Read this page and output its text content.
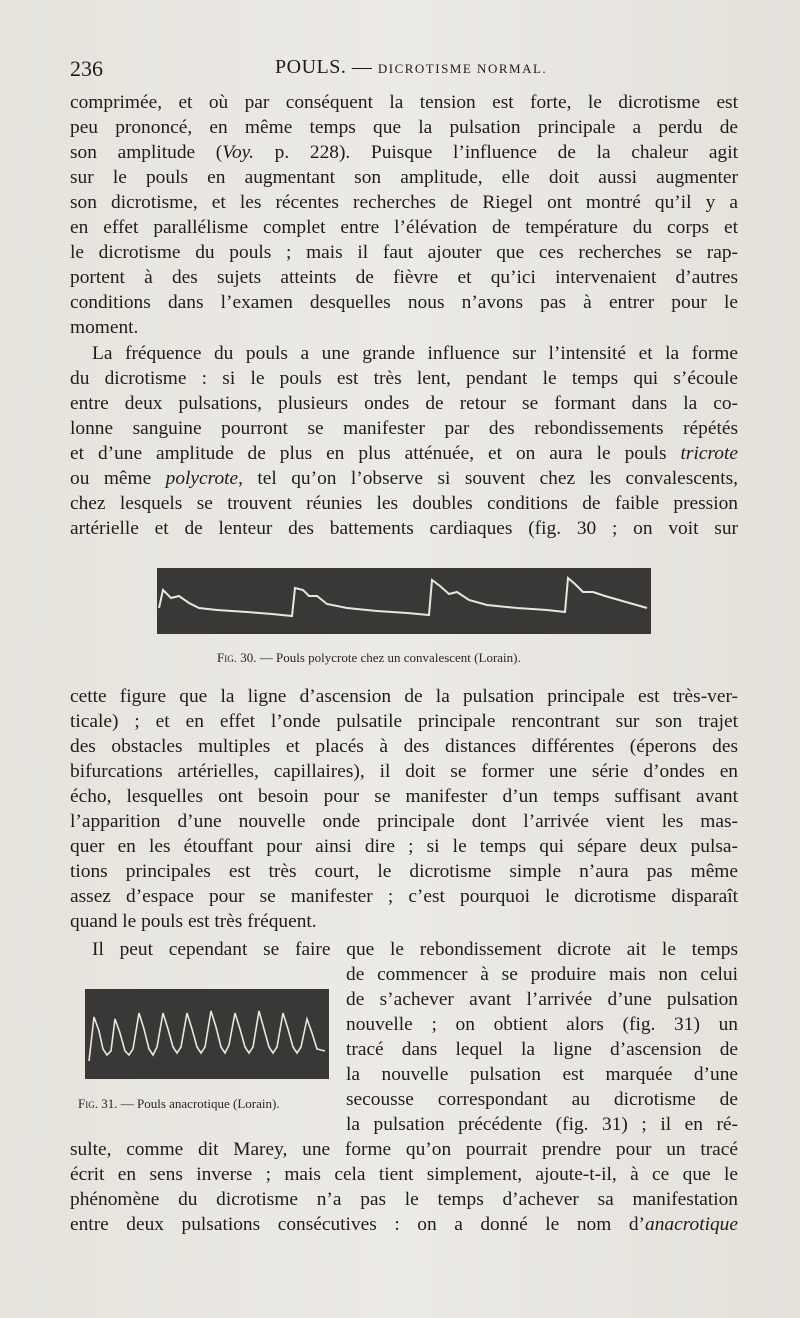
236	POULS. — DICROTISME NORMAL.
comprimée, et où par conséquent la tension est forte, le dicrotisme est
peu prononcé, en même temps que la pulsation principale a perdu de
son amplitude (Voy. p. 228). Puisque l’influence de la chaleur agit
sur le pouls en augmentant son amplitude, elle doit aussi augmenter
son dicrotisme, et les récentes recherches de Riegel ont montré qu’il y a
en effet parallélisme complet entre l’élévation de température du corps et
le dicrotisme du pouls ; mais il faut ajouter que ces recherches se rap-
portent à des sujets atteints de fièvre et qu’ici intervenaient d’autres
conditions dans l’examen desquelles nous n’avons pas à entrer pour le
moment.
La fréquence du pouls a une grande influence sur l’intensité et la forme
du dicrotisme : si le pouls est très lent, pendant le temps qui s’écoule
entre deux pulsations, plusieurs ondes de retour se formant dans la co-
lonne sanguine pourront se manifester par des rebondissements répétés
et d’une amplitude de plus en plus atténuée, et on aura le pouls tricrote
ou même polycrote, tel qu’on l’observe si souvent chez les convalescents,
chez lesquels se trouvent réunies les doubles conditions de faible pression
artérielle et de lenteur des battements cardiaques (fig. 30 ; on voit sur
Fig. 30. — Pouls polycrote chez un convalescent (Lorain).
cette figure que la ligne d’ascension de la pulsation principale est très-ver-
ticale) ; et en effet l’onde pulsatile principale rencontrant sur son trajet
des obstacles multiples et placés à des distances différentes (éperons des
bifurcations artérielles, capillaires), il doit se former une série d’ondes en
écho, lesquelles ont besoin pour se manifester d’un temps suffisant avant
l’apparition d’une nouvelle onde principale dont l’arrivée vient les mas-
quer en les étouffant pour ainsi dire ; si le temps qui sépare deux pulsa-
tions principales est très court, le dicrotisme simple n’aura pas même
assez d’espace pour se manifester ; c’est pourquoi le dicrotisme disparaît
quand le pouls est très fréquent.
Il peut cependant se faire que le rebondissement dicrote ait le temps
Fig. 31. — Pouls anacrotique (Lorain).
de commencer à se produire mais non celui
de s’achever avant l’arrivée d’une pulsation
nouvelle ; on obtient alors (fig. 31) un
tracé dans lequel la ligne d’ascension de
la nouvelle pulsation est marquée d’une
secousse correspondant au dicrotisme de
la pulsation précédente (fig. 31) ; il en ré-
sulte, comme dit Marey, une forme qu’on pourrait prendre pour un tracé
écrit en sens inverse ; mais cela tient simplement, ajoute-t-il, à ce que le
phénomène du dicrotisme n’a pas le temps d’achever sa manifestation
entre deux pulsations consécutives : on a donné le nom d’anacrotique
